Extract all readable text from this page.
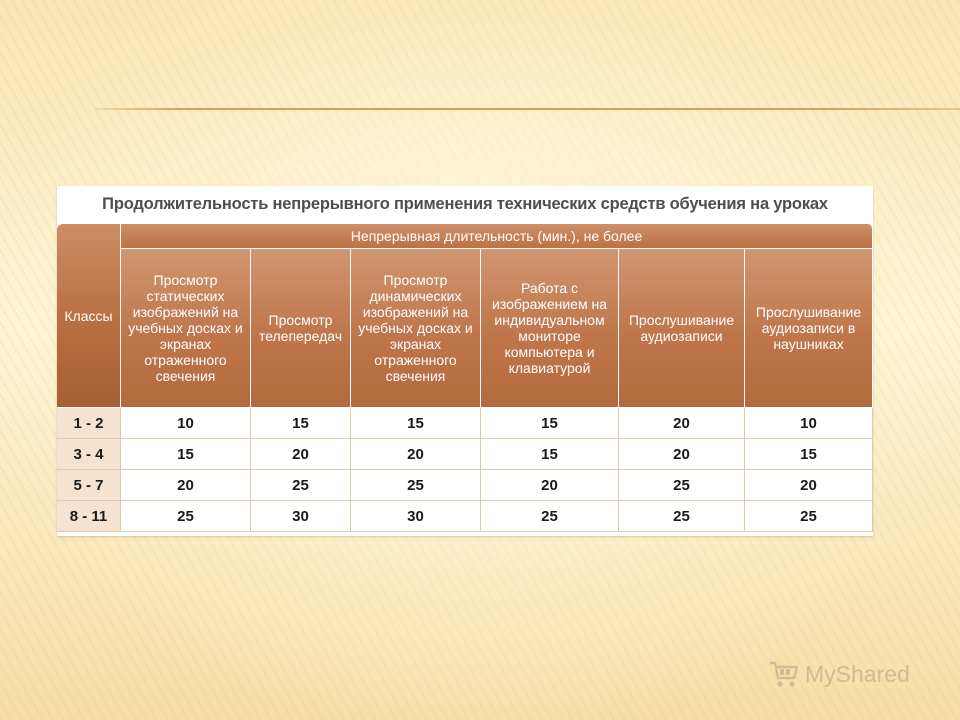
Продолжительность непрерывного применения технических средств обучения на уроках
Классы	Непрерывная длительность (мин.), не более					
	Просмотр статических изображений на учебных досках и экранах отраженного свечения	Просмотр телепередач	Просмотр динамических изображений на учебных досках и экранах отраженного свечения	Работа с изображением на индивидуальном мониторе компьютера и клавиатурой	Прослушивание аудиозаписи	Прослушивание аудиозаписи в наушниках
1 - 2	10	15	15	15	20	10
3 - 4	15	20	20	15	20	15
5 - 7	20	25	25	20	25	20
8 - 11	25	30	30	25	25	25
MyShared
